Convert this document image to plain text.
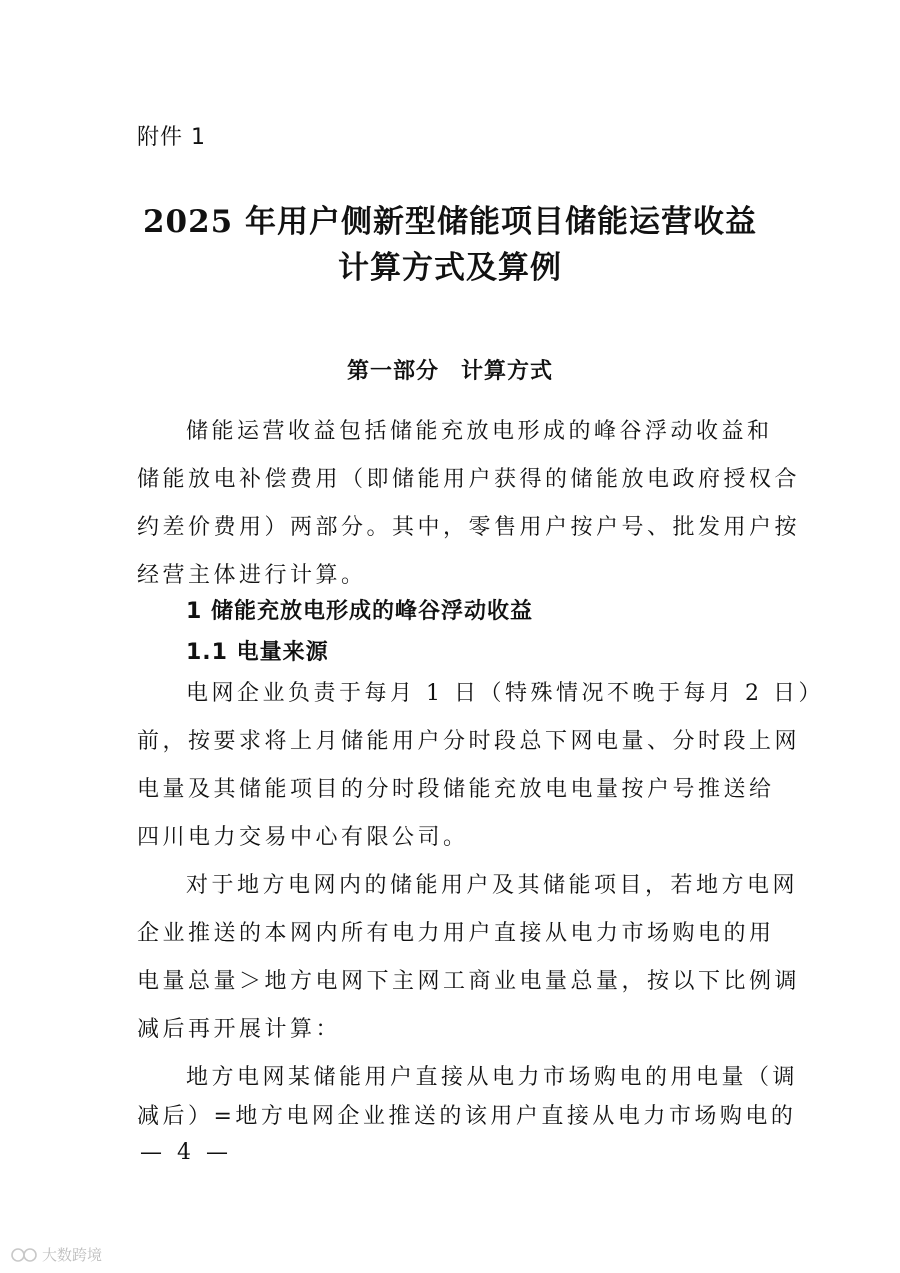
附件 1
2025 年用户侧新型储能项目储能运营收益
计算方式及算例
第一部分 计算方式
储能运营收益包括储能充放电形成的峰谷浮动收益和
储能放电补偿费用（即储能用户获得的储能放电政府授权合
约差价费用）两部分。其中，零售用户按户号、批发用户按
经营主体进行计算。
1 储能充放电形成的峰谷浮动收益
1.1 电量来源
电网企业负责于每月 1 日（特殊情况不晚于每月 2 日）
前，按要求将上月储能用户分时段总下网电量、分时段上网
电量及其储能项目的分时段储能充放电电量按户号推送给
四川电力交易中心有限公司。
对于地方电网内的储能用户及其储能项目，若地方电网
企业推送的本网内所有电力用户直接从电力市场购电的用
电量总量＞地方电网下主网工商业电量总量，按以下比例调
减后再开展计算：
地方电网某储能用户直接从电力市场购电的用电量（调
减后）=地方电网企业推送的该用户直接从电力市场购电的
— 4 —
大数跨境
